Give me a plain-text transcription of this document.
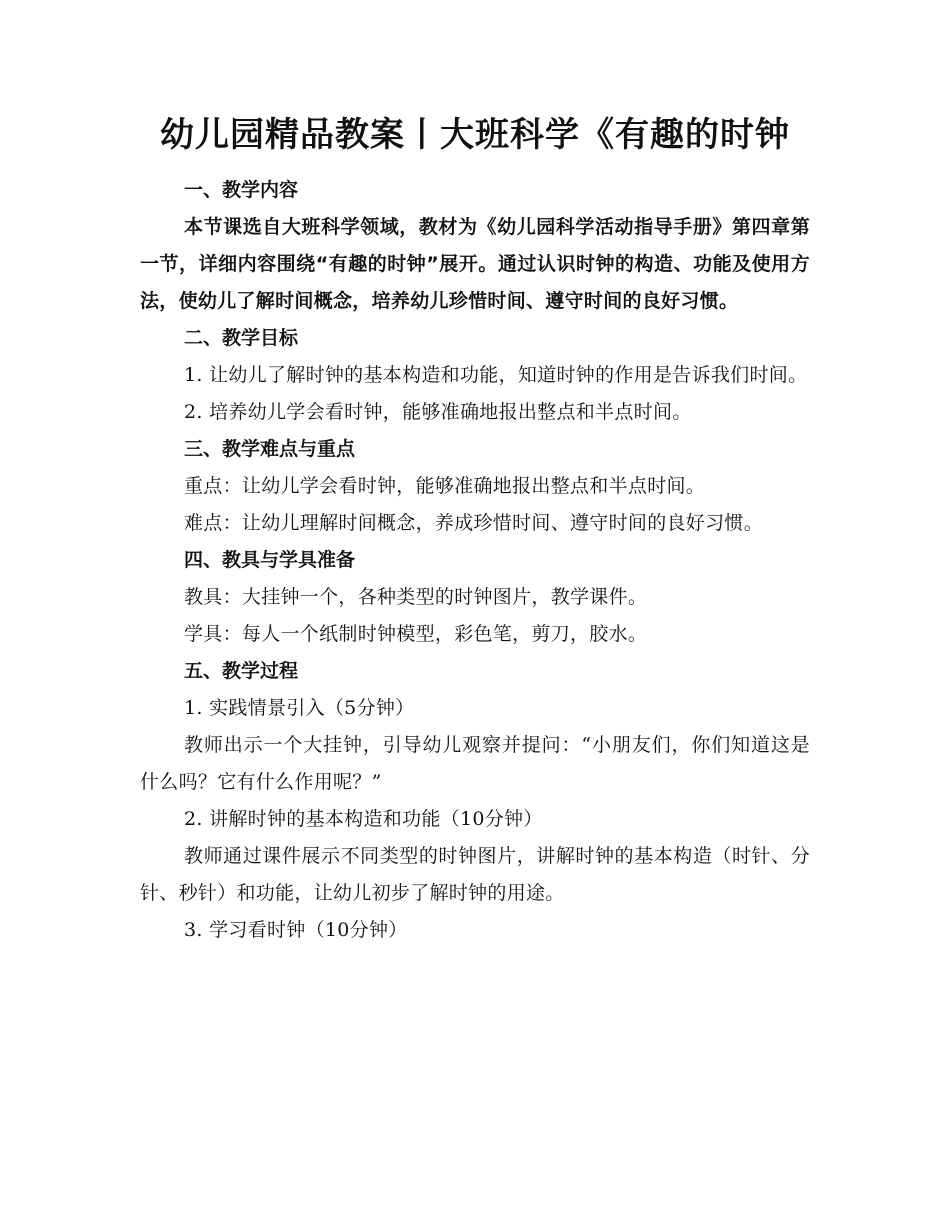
幼儿园精品教案丨大班科学《有趣的时钟
一、教学内容

本节课选自大班科学领域，教材为《幼儿园科学活动指导手册》第四章第一节，详细内容围绕“有趣的时钟”展开。通过认识时钟的构造、功能及使用方法，使幼儿了解时间概念，培养幼儿珍惜时间、遵守时间的良好习惯。

二、教学目标

1. 让幼儿了解时钟的基本构造和功能，知道时钟的作用是告诉我们时间。

2. 培养幼儿学会看时钟，能够准确地报出整点和半点时间。

三、教学难点与重点

重点：让幼儿学会看时钟，能够准确地报出整点和半点时间。

难点：让幼儿理解时间概念，养成珍惜时间、遵守时间的良好习惯。

四、教具与学具准备

教具：大挂钟一个，各种类型的时钟图片，教学课件。

学具：每人一个纸制时钟模型，彩色笔，剪刀，胶水。

五、教学过程

1. 实践情景引入（5分钟）

教师出示一个大挂钟，引导幼儿观察并提问：“小朋友们，你们知道这是什么吗？它有什么作用呢？”

2. 讲解时钟的基本构造和功能（10分钟）

教师通过课件展示不同类型的时钟图片，讲解时钟的基本构造（时针、分针、秒针）和功能，让幼儿初步了解时钟的用途。

3. 学习看时钟（10分钟）
